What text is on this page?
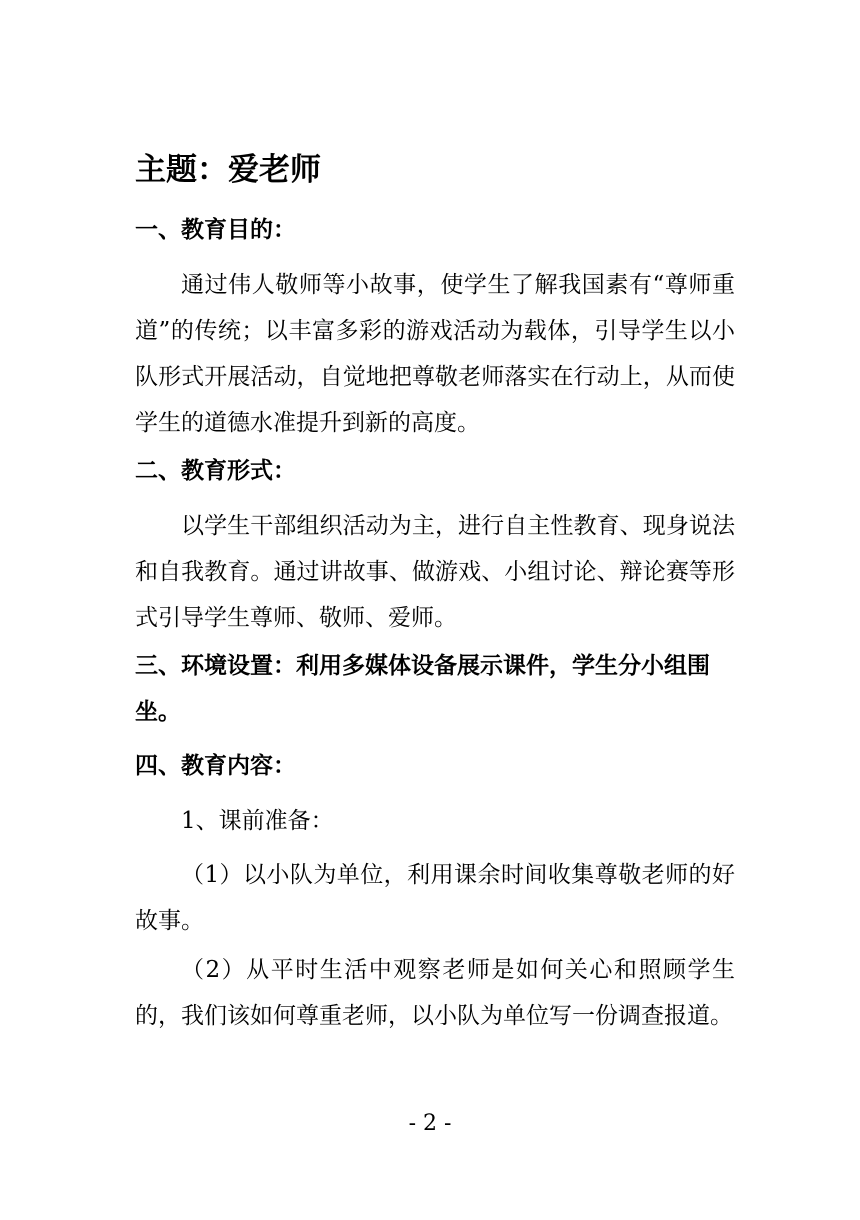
主题：爱老师
一、教育目的：
通过伟人敬师等小故事，使学生了解我国素有“尊师重道”的传统；以丰富多彩的游戏活动为载体，引导学生以小队形式开展活动，自觉地把尊敬老师落实在行动上，从而使学生的道德水准提升到新的高度。
二、教育形式：
以学生干部组织活动为主，进行自主性教育、现身说法和自我教育。通过讲故事、做游戏、小组讨论、辩论赛等形式引导学生尊师、敬师、爱师。
三、环境设置：利用多媒体设备展示课件，学生分小组围坐。
四、教育内容：
1、课前准备：
（1）以小队为单位，利用课余时间收集尊敬老师的好故事。
（2）从平时生活中观察老师是如何关心和照顾学生的，我们该如何尊重老师，以小队为单位写一份调查报道。
- 2 -
